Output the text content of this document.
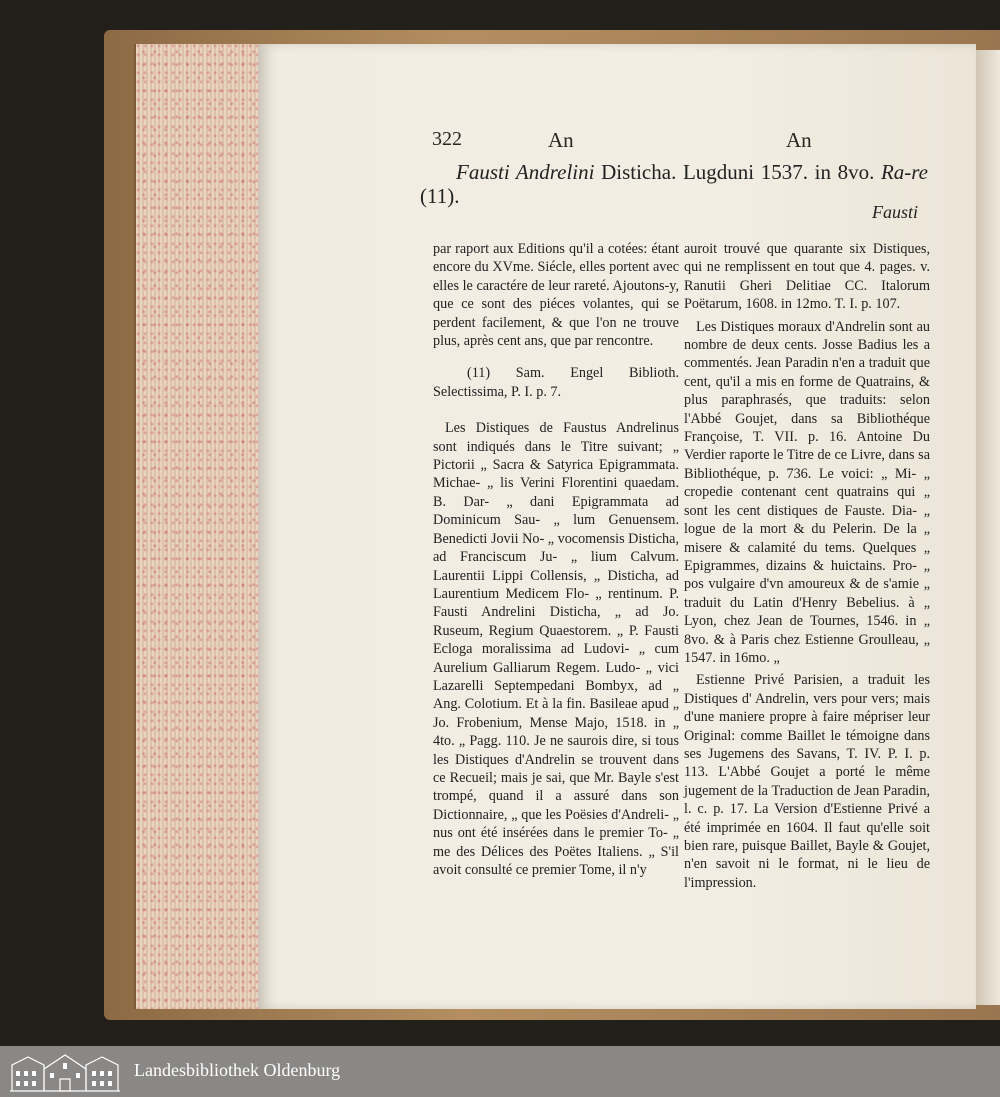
322	An	An
Fausti Andrelini Disticha. Lugduni 1537. in 8vo. Ra-re (11).
Fausti

par raport aux Editions qu'il a cotées: étant encore du XVme. Siécle, elles portent avec elles le caractére de leur rareté. Ajoutons-y, que ce sont des piéces volantes, qui se perdent facilement, & que l'on ne trouve plus, après cent ans, que par rencontre.

(11) Sam. Engel Biblioth. Selectissima, P. I. p. 7.

Les Distiques de Faustus Andrelinus sont indiqués dans le Titre suivant; „ Pictorii „ Sacra & Satyrica Epigrammata. Michae- „ lis Verini Florentini quaedam. B. Dar- „ dani Epigrammata ad Dominicum Sau- „ lum Genuensem. Benedicti Jovii No- „ vocomensis Disticha, ad Franciscum Ju- „ lium Calvum. Laurentii Lippi Collensis, „ Disticha, ad Laurentium Medicem Flo- „ rentinum. P. Fausti Andrelini Disticha, „ ad Jo. Ruseum, Regium Quaestorem. „ P. Fausti Ecloga moralissima ad Ludovi- „ cum Aurelium Galliarum Regem. Ludo- „ vici Lazarelli Septempedani Bombyx, ad „ Ang. Colotium. Et à la fin. Basileae apud „ Jo. Frobenium, Mense Majo, 1518. in „ 4to. „ Pagg. 110. Je ne saurois dire, si tous les Distiques d'Andrelin se trouvent dans ce Recueil; mais je sai, que Mr. Bayle s'est trompé, quand il a assuré dans son Dictionnaire, „ que les Poësies d'Andreli- „ nus ont été insérées dans le premier To- „ me des Délices des Poëtes Italiens. „ S'il avoit consulté ce premier Tome, il n'y

auroit trouvé que quarante six Distiques, qui ne remplissent en tout que 4. pages. v. Ranutii Gheri Delitiae CC. Italorum Poëtarum, 1608. in 12mo. T. I. p. 107.

Les Distiques moraux d'Andrelin sont au nombre de deux cents. Josse Badius les a commentés. Jean Paradin n'en a traduit que cent, qu'il a mis en forme de Quatrains, & plus paraphrasés, que traduits: selon l'Abbé Goujet, dans sa Bibliothéque Françoise, T. VII. p. 16. Antoine Du Verdier raporte le Titre de ce Livre, dans sa Bibliothéque, p. 736. Le voici: „ Mi- „ cropedie contenant cent quatrains qui „ sont les cent distiques de Fauste. Dia- „ logue de la mort & du Pelerin. De la „ misere & calamité du tems. Quelques „ Epigrammes, dizains & huictains. Pro- „ pos vulgaire d'vn amoureux & de s'amie „ traduit du Latin d'Henry Bebelius. à „ Lyon, chez Jean de Tournes, 1546. in „ 8vo. & à Paris chez Estienne Groulleau, „ 1547. in 16mo. „

Estienne Privé Parisien, a traduit les Distiques d' Andrelin, vers pour vers; mais d'une maniere propre à faire mépriser leur Original: comme Baillet le témoigne dans ses Jugemens des Savans, T. IV. P. I. p. 113. L'Abbé Goujet a porté le même jugement de la Traduction de Jean Paradin, l. c. p. 17. La Version d'Estienne Privé a été imprimée en 1604. Il faut qu'elle soit bien rare, puisque Baillet, Bayle & Goujet, n'en savoit ni le format, ni le lieu de l'impression.

Landesbibliothek Oldenburg
